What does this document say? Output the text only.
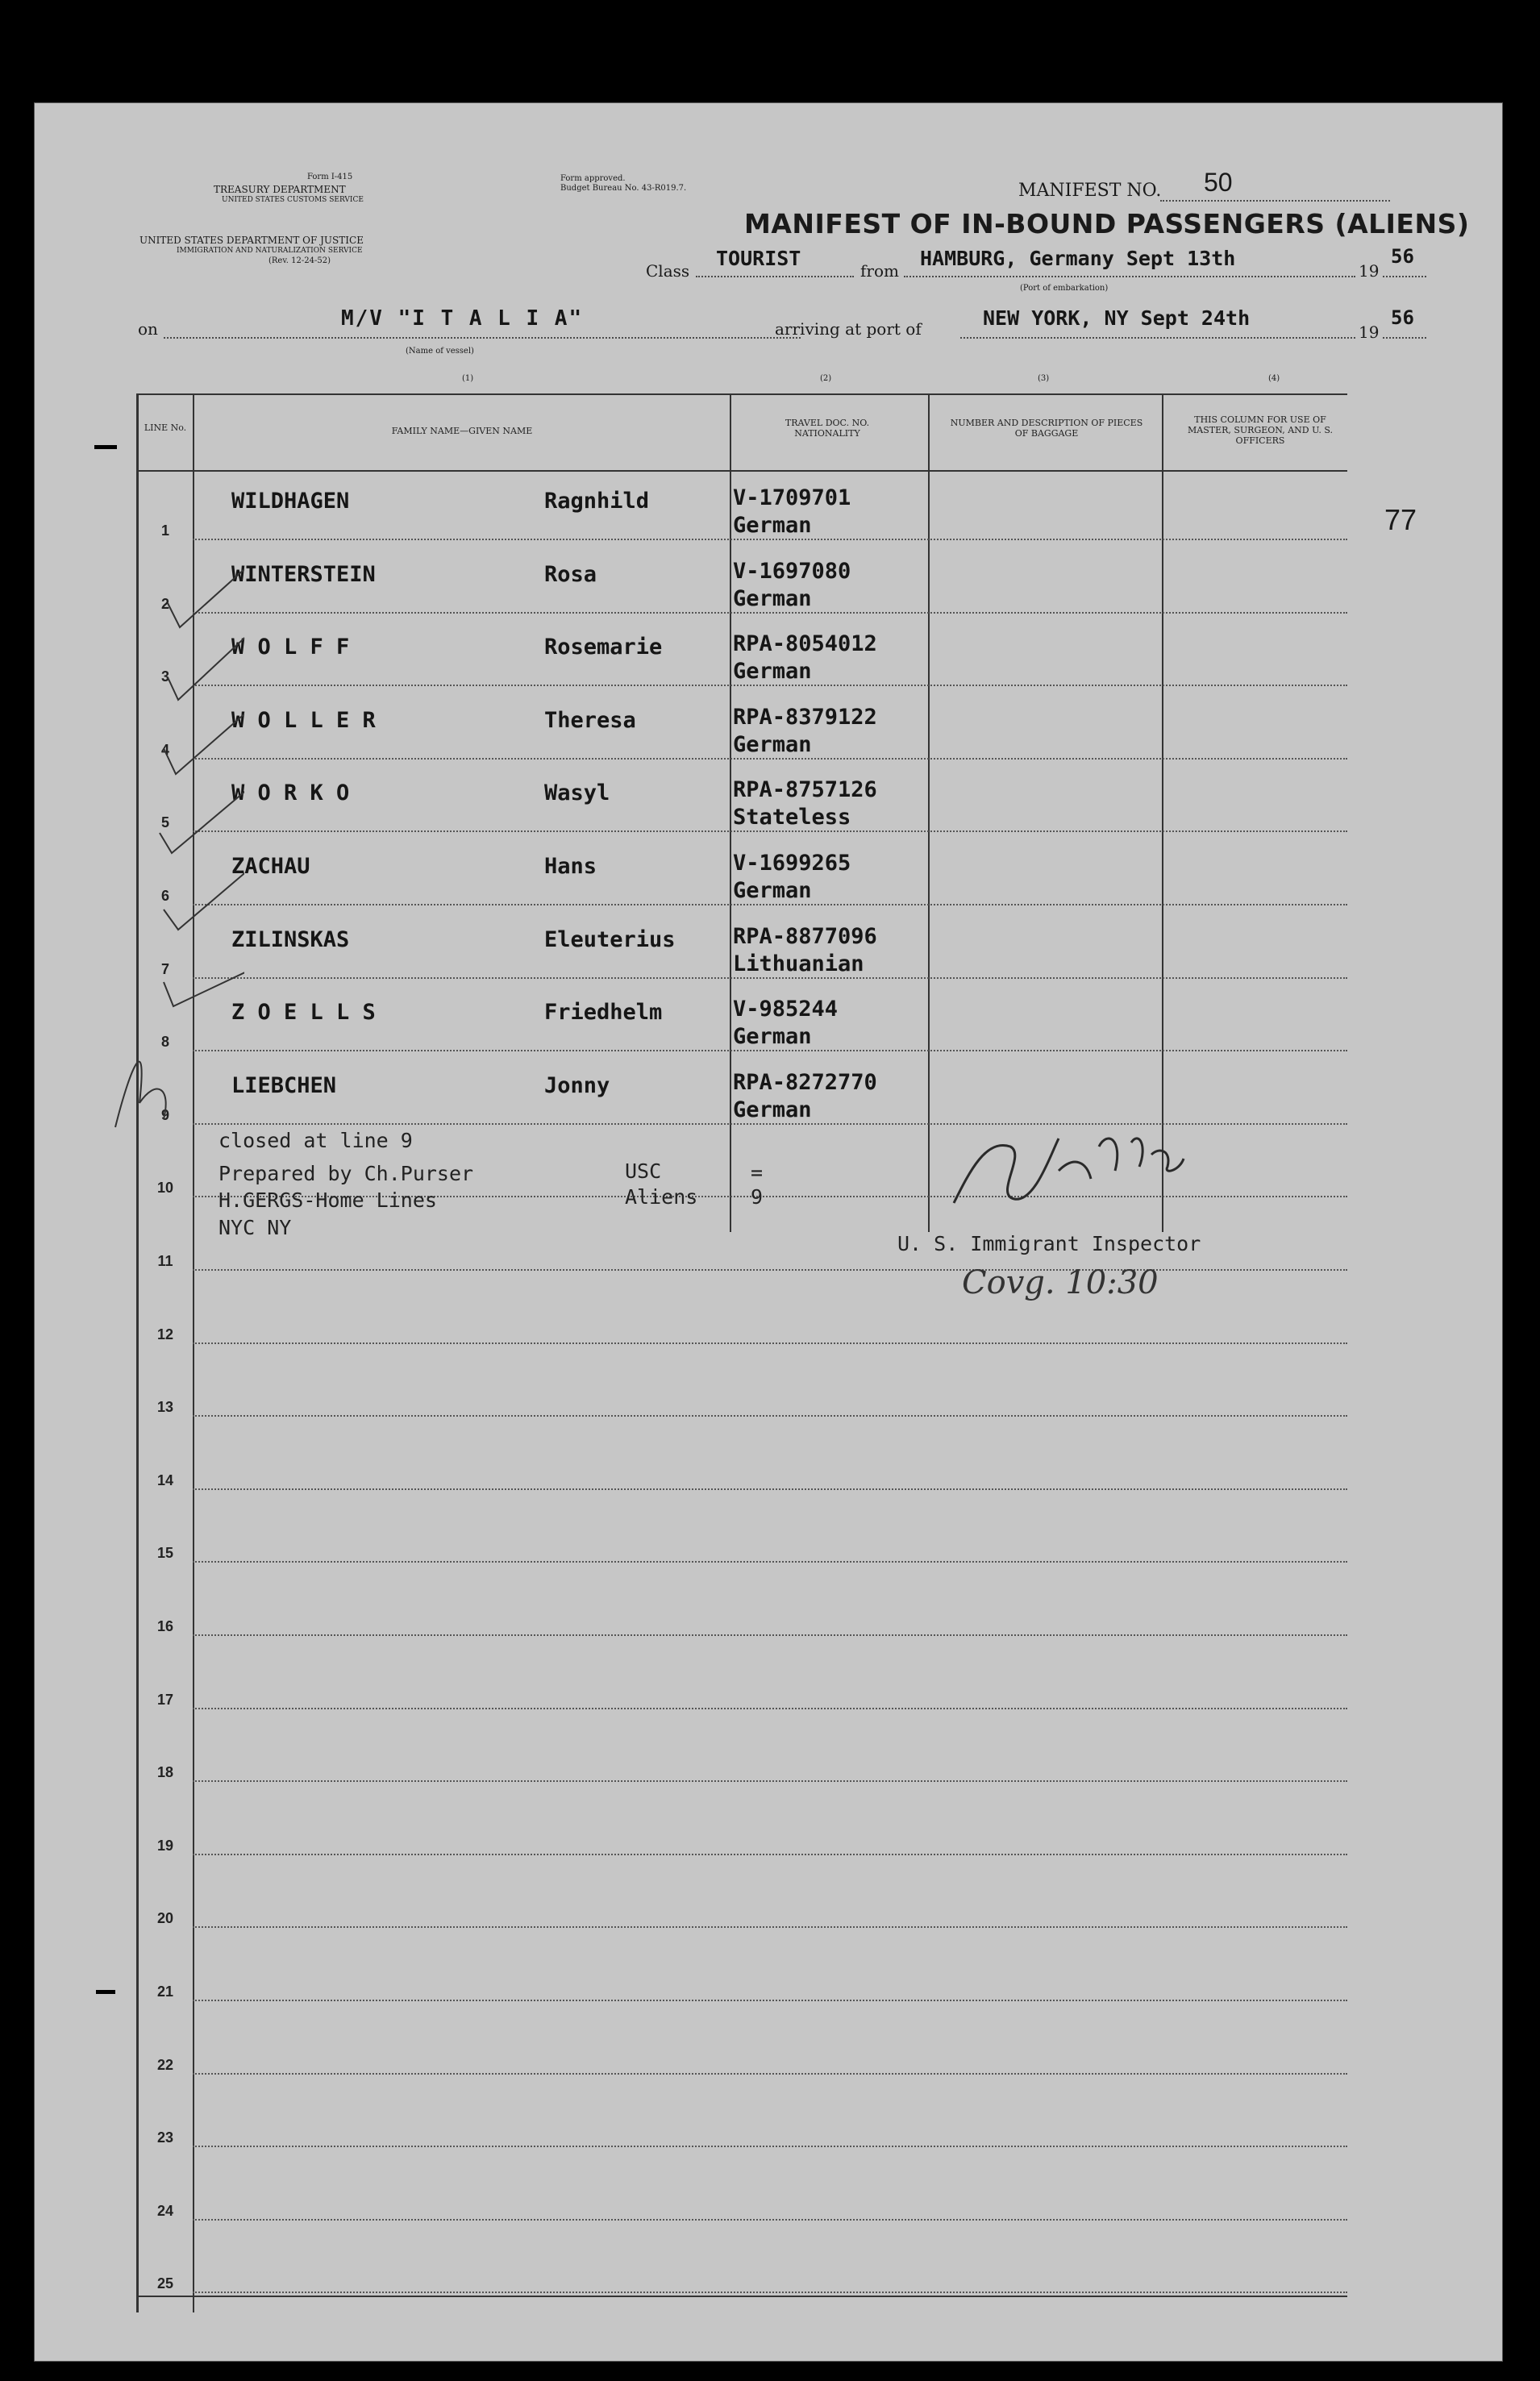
Form I-415
TREASURY DEPARTMENT
UNITED STATES CUSTOMS SERVICE
UNITED STATES DEPARTMENT OF JUSTICE
IMMIGRATION AND NATURALIZATION SERVICE
(Rev. 12-24-52)
Form approved.
Budget Bureau No. 43-R019.7.	MANIFEST NO. 50
MANIFEST OF IN-BOUND PASSENGERS (ALIENS)
Class
TOURIST
from
HAMBURG, Germany Sept 13th
19
56
(Port of embarkation)
on	M/V "I T A L I A"
(Name of vessel)
arriving at port of	NEW YORK, NY Sept 24th
19
56
(1)	(2)	(3)	(4)
LINE No.	FAMILY NAME—GIVEN NAME
TRAVEL DOC. NO. NATIONALITY
NUMBER AND DESCRIPTION OF PIECES OF BAGGAGE
THIS COLUMN FOR USE OF MASTER, SURGEON, AND U. S. OFFICERS
77
1
WILDHAGEN	Ragnhild	V-1709701
German
2
WINTERSTEIN	Rosa	V-1697080
German
3
W O L F F	Rosemarie	RPA-8054012
German
4
W O L L E R	Theresa	RPA-8379122
German
5
W O R K O	Wasyl	RPA-8757126
Stateless
6
ZACHAU	Hans	V-1699265
German
7
ZILINSKAS	Eleuterius	RPA-8877096
Lithuanian
8
Z O E L L S	Friedhelm	V-985244
German
9
LIEBCHEN	Jonny	RPA-8272770
German
10
11
12
13
14
15
16
17
18
19
20
21
22
23
24
25
closed at line 9
Prepared by Ch.Purser
H.GERGS-Home Lines
NYC NY
USC	=
Aliens	9
U. S. Immigrant Inspector
Covg. 10:30
